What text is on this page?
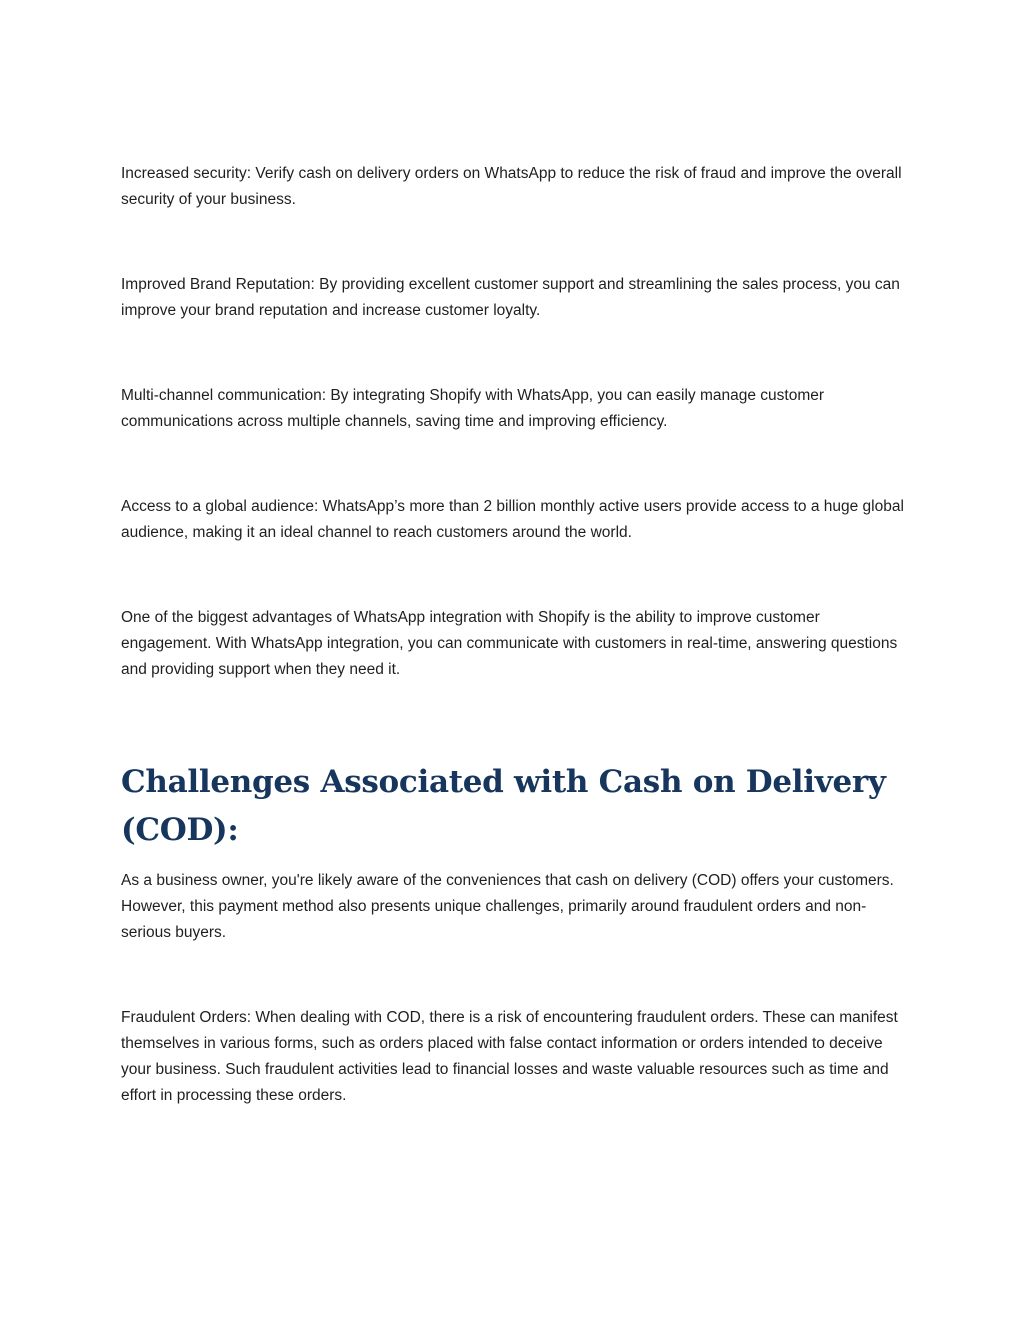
Increased security: Verify cash on delivery orders on WhatsApp to reduce the risk of fraud and improve the overall security of your business.

Improved Brand Reputation: By providing excellent customer support and streamlining the sales process, you can improve your brand reputation and increase customer loyalty.

Multi-channel communication: By integrating Shopify with WhatsApp, you can easily manage customer communications across multiple channels, saving time and improving efficiency.

Access to a global audience: WhatsApp’s more than 2 billion monthly active users provide access to a huge global audience, making it an ideal channel to reach customers around the world.

One of the biggest advantages of WhatsApp integration with Shopify is the ability to improve customer engagement. With WhatsApp integration, you can communicate with customers in real-time, answering questions and providing support when they need it.

Challenges Associated with Cash on Delivery (COD):

As a business owner, you're likely aware of the conveniences that cash on delivery (COD) offers your customers. However, this payment method also presents unique challenges, primarily around fraudulent orders and non-serious buyers.

Fraudulent Orders: When dealing with COD, there is a risk of encountering fraudulent orders. These can manifest themselves in various forms, such as orders placed with false contact information or orders intended to deceive your business. Such fraudulent activities lead to financial losses and waste valuable resources such as time and effort in processing these orders.
